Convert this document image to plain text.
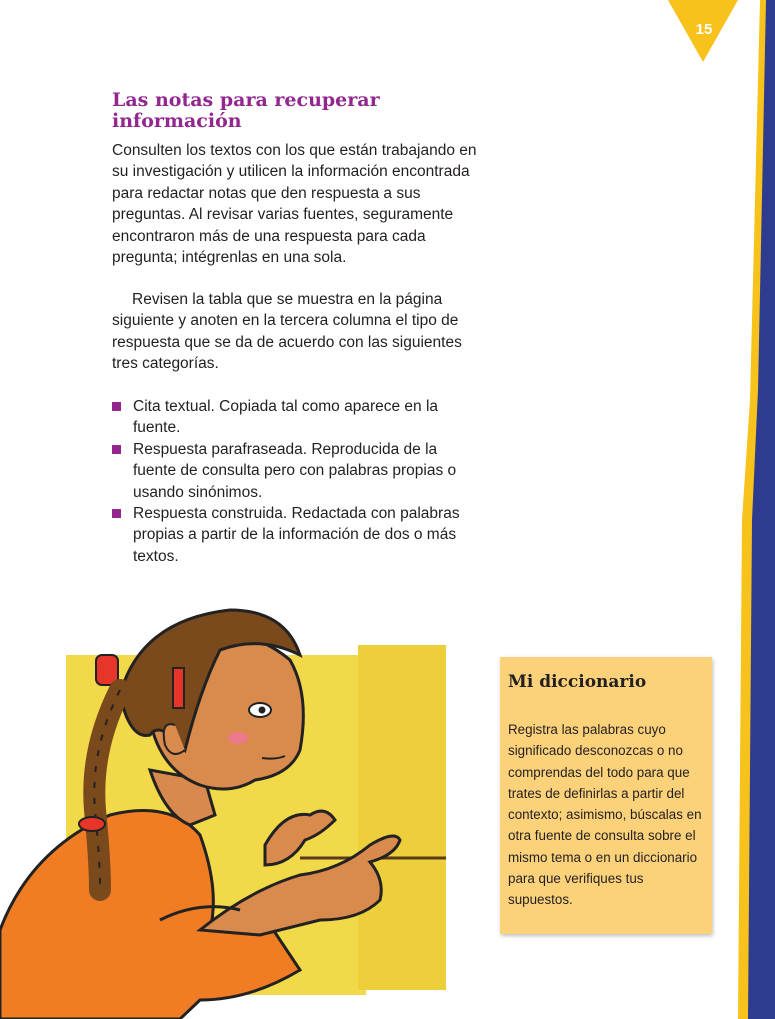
15
Las notas para recuperar información

Consulten los textos con los que están trabajando en su investigación y utilicen la información encontrada para redactar notas que den respuesta a sus preguntas. Al revisar varias fuentes, seguramente encontraron más de una respuesta para cada pregunta; intégrenlas en una sola.

Revisen la tabla que se muestra en la página siguiente y anoten en la tercera columna el tipo de respuesta que se da de acuerdo con las siguientes tres categorías.

Cita textual. Copiada tal como aparece en la fuente.
Respuesta parafraseada. Reproducida de la fuente de consulta pero con palabras propias o usando sinónimos.
Respuesta construida. Redactada con palabras propias a partir de la información de dos o más textos.
Mi diccionario

Registra las palabras cuyo significado desconozcas o no comprendas del todo para que trates de definirlas a partir del contexto; asimismo, búscalas en otra fuente de consulta sobre el mismo tema o en un diccionario para que verifiques tus supuestos.
